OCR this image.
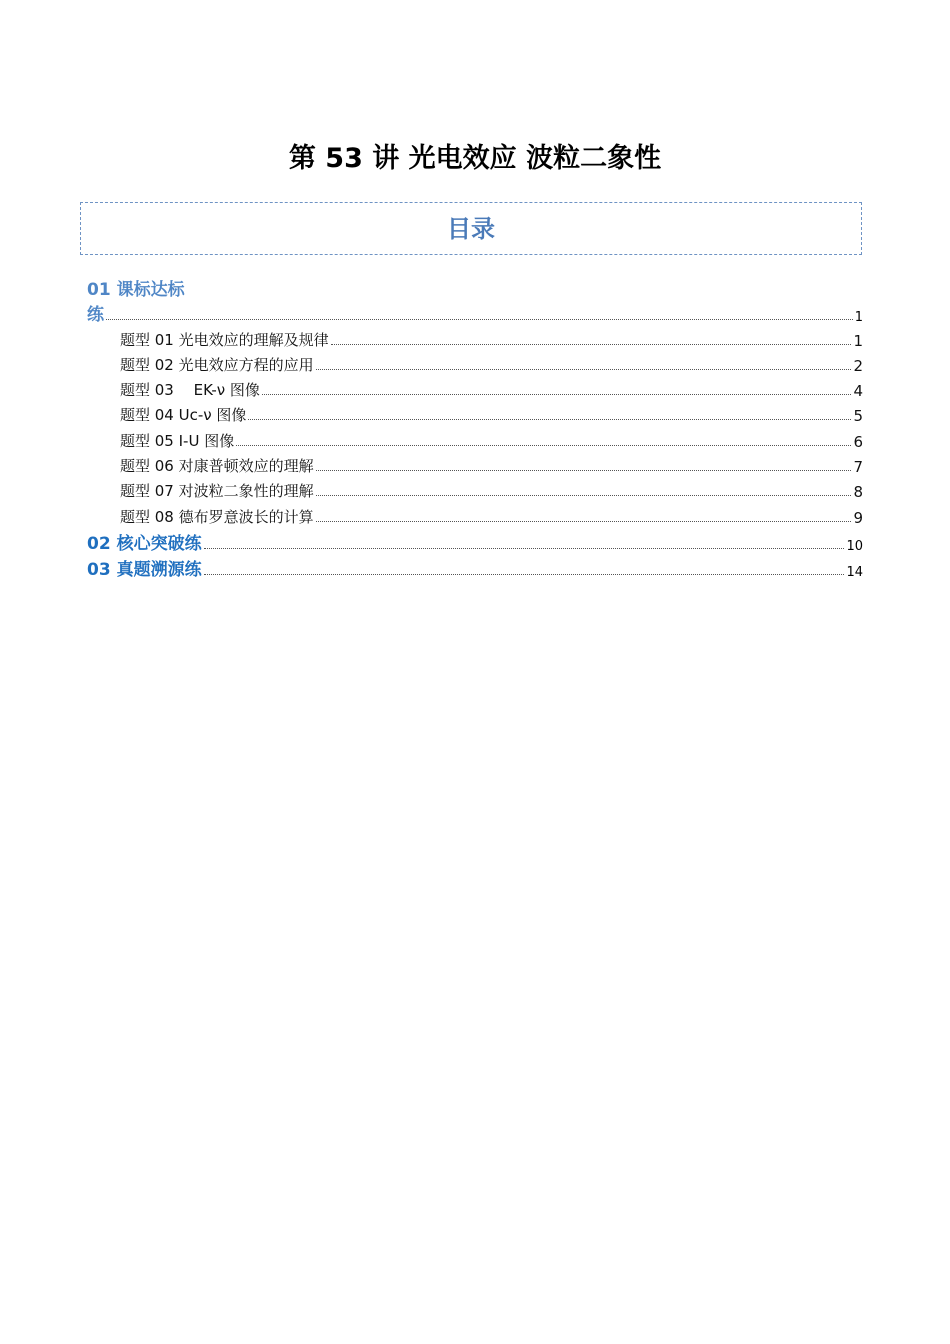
第 53 讲 光电效应 波粒二象性
目录
01 课标达标
练	1
题型 01 光电效应的理解及规律	1
题型 02 光电效应方程的应用	2
题型 03 　EK-ν 图像	4
题型 04 Uc-ν 图像	5
题型 05 I-U 图像	6
题型 06 对康普顿效应的理解	7
题型 07 对波粒二象性的理解	8
题型 08 德布罗意波长的计算	9
02 核心突破练	10
03 真题溯源练	14
